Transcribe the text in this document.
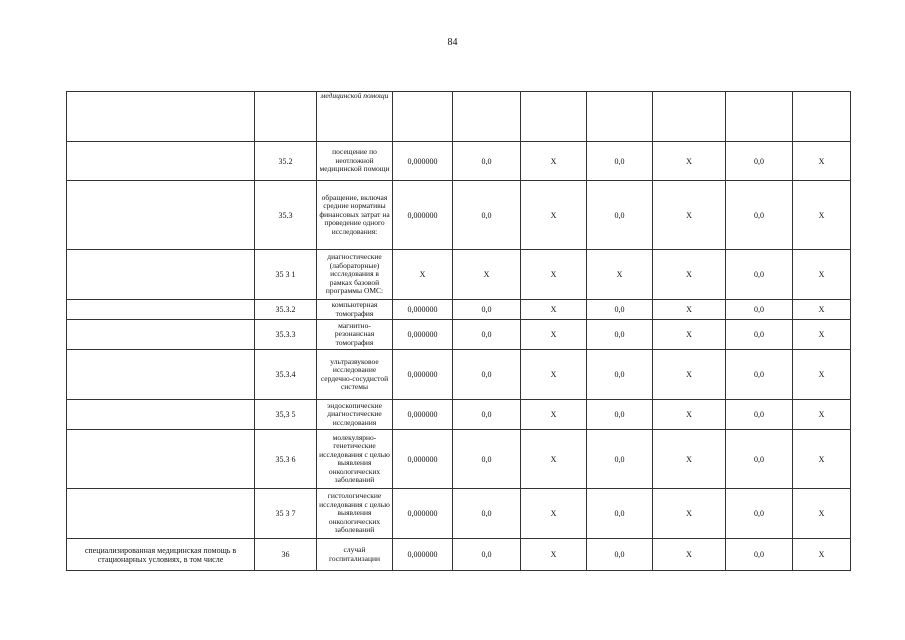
84
		медицинской помощи							
	35.2	посещение по неотложной медицинской помощи	0,000000	0,0	Х	0,0	Х	0,0	Х
	35.3	обращение, включая средние нормативы финансовых затрат на проведение одного исследования:	0,000000	0,0	Х	0,0	Х	0,0	Х
	35 3 1	диагностические (лабораторные) исследования в рамках базовой программы ОМС:	Х	Х	Х	Х	Х	0,0	Х
	35.3.2	компьютерная томография	0,000000	0,0	Х	0,0	Х	0,0	Х
	35.3.3	магнитно-резонансная томография	0,000000	0,0	Х	0,0	Х	0,0	Х
	35.3.4	ультразвуковое исследование сердечно-сосудистой системы	0,000000	0,0	Х	0,0	Х	0,0	Х
	35,3 5	эндоскопические диагностические исследования	0,000000	0,0	Х	0,0	Х	0,0	Х
	35.3 6	молекулярно-генетические исследования с целью выявления онкологических заболеваний	0,000000	0,0	Х	0,0	Х	0,0	Х
	35 3 7	гистологические исследования с целью выявления онкологических заболеваний	0,000000	0,0	Х	0,0	Х	0,0	Х
специализированная медицинская помощь в стационарных условиях, в том числе	36	случай госпитализации	0,000000	0,0	Х	0,0	Х	0,0	Х
